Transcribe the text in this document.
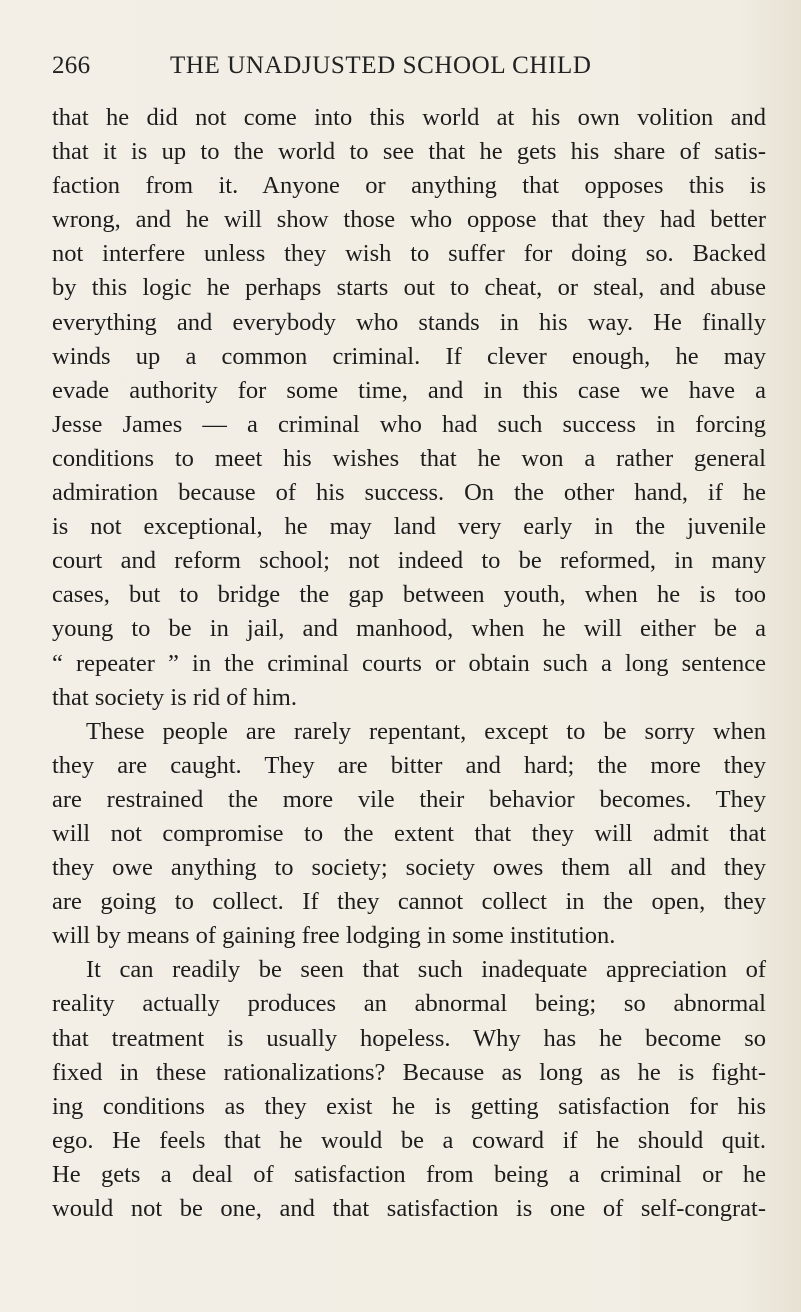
266	THE UNADJUSTED SCHOOL CHILD
that he did not come into this world at his own volition and
that it is up to the world to see that he gets his share of satis-
faction from it. Anyone or anything that opposes this is
wrong, and he will show those who oppose that they had better
not interfere unless they wish to suffer for doing so. Backed
by this logic he perhaps starts out to cheat, or steal, and abuse
everything and everybody who stands in his way. He finally
winds up a common criminal. If clever enough, he may
evade authority for some time, and in this case we have a
Jesse James — a criminal who had such success in forcing
conditions to meet his wishes that he won a rather general
admiration because of his success. On the other hand, if he
is not exceptional, he may land very early in the juvenile
court and reform school; not indeed to be reformed, in many
cases, but to bridge the gap between youth, when he is too
young to be in jail, and manhood, when he will either be a
“ repeater ” in the criminal courts or obtain such a long sentence
that society is rid of him.
These people are rarely repentant, except to be sorry when
they are caught. They are bitter and hard; the more they
are restrained the more vile their behavior becomes. They
will not compromise to the extent that they will admit that
they owe anything to society; society owes them all and they
are going to collect. If they cannot collect in the open, they
will by means of gaining free lodging in some institution.
It can readily be seen that such inadequate appreciation of
reality actually produces an abnormal being; so abnormal
that treatment is usually hopeless. Why has he become so
fixed in these rationalizations? Because as long as he is fight-
ing conditions as they exist he is getting satisfaction for his
ego. He feels that he would be a coward if he should quit.
He gets a deal of satisfaction from being a criminal or he
would not be one, and that satisfaction is one of self-congrat-
